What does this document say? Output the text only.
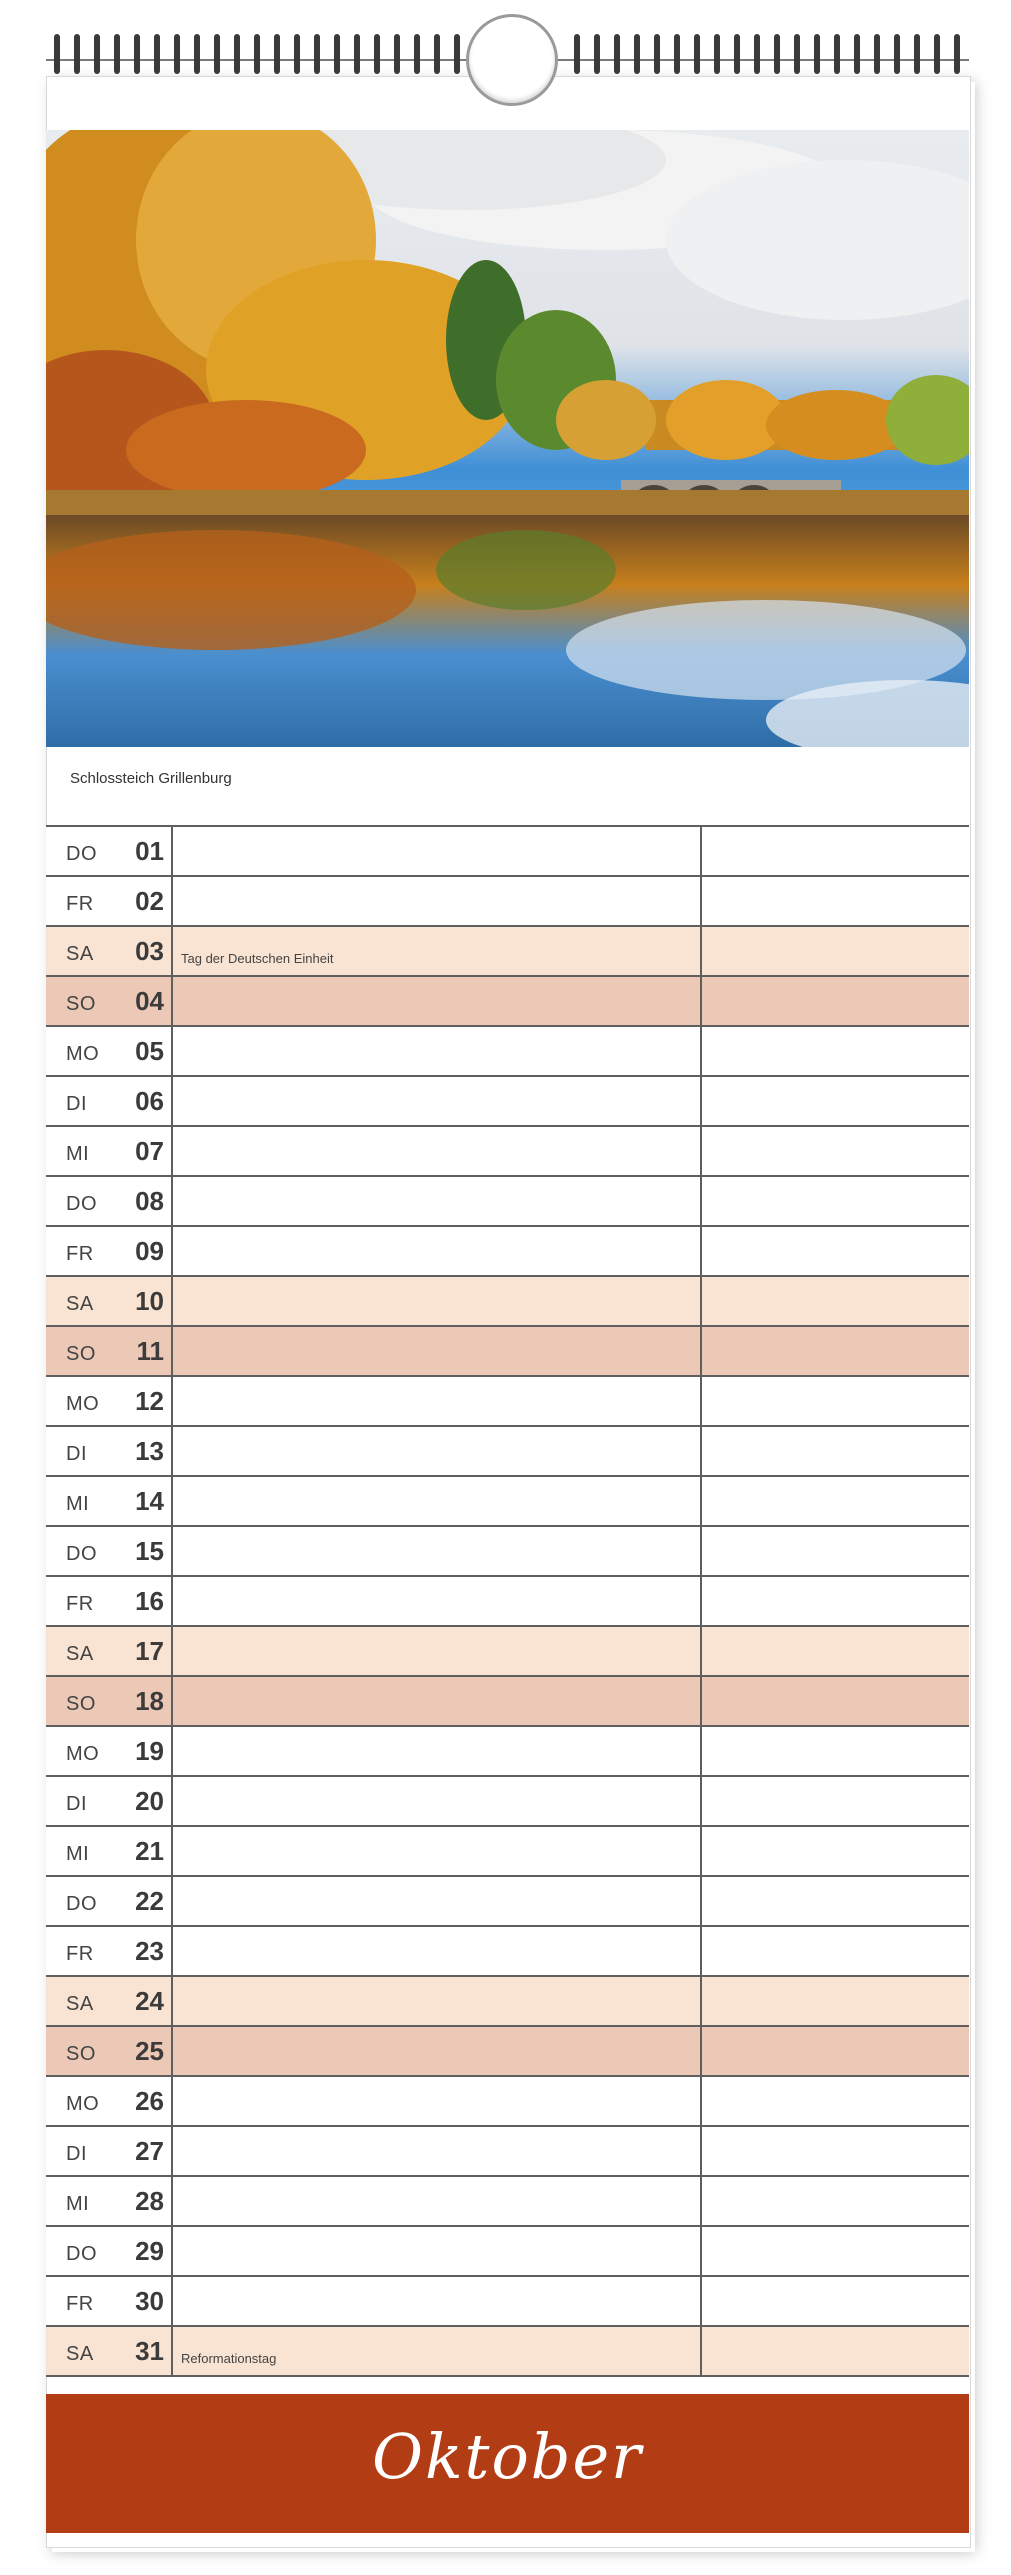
Schlossteich Grillenburg
DO	01
FR	02
SA	03 Tag der Deutschen Einheit
SO	04
MO	05
DI	06
MI	07
DO	08
FR	09
SA	10
SO	11
MO	12
DI	13
MI	14
DO	15
FR	16
SA	17
SO	18
MO	19
DI	20
MI	21
DO	22
FR	23
SA	24
SO	25
MO	26
DI	27
MI	28
DO	29
FR	30
SA	31 Reformationstag
Oktober
